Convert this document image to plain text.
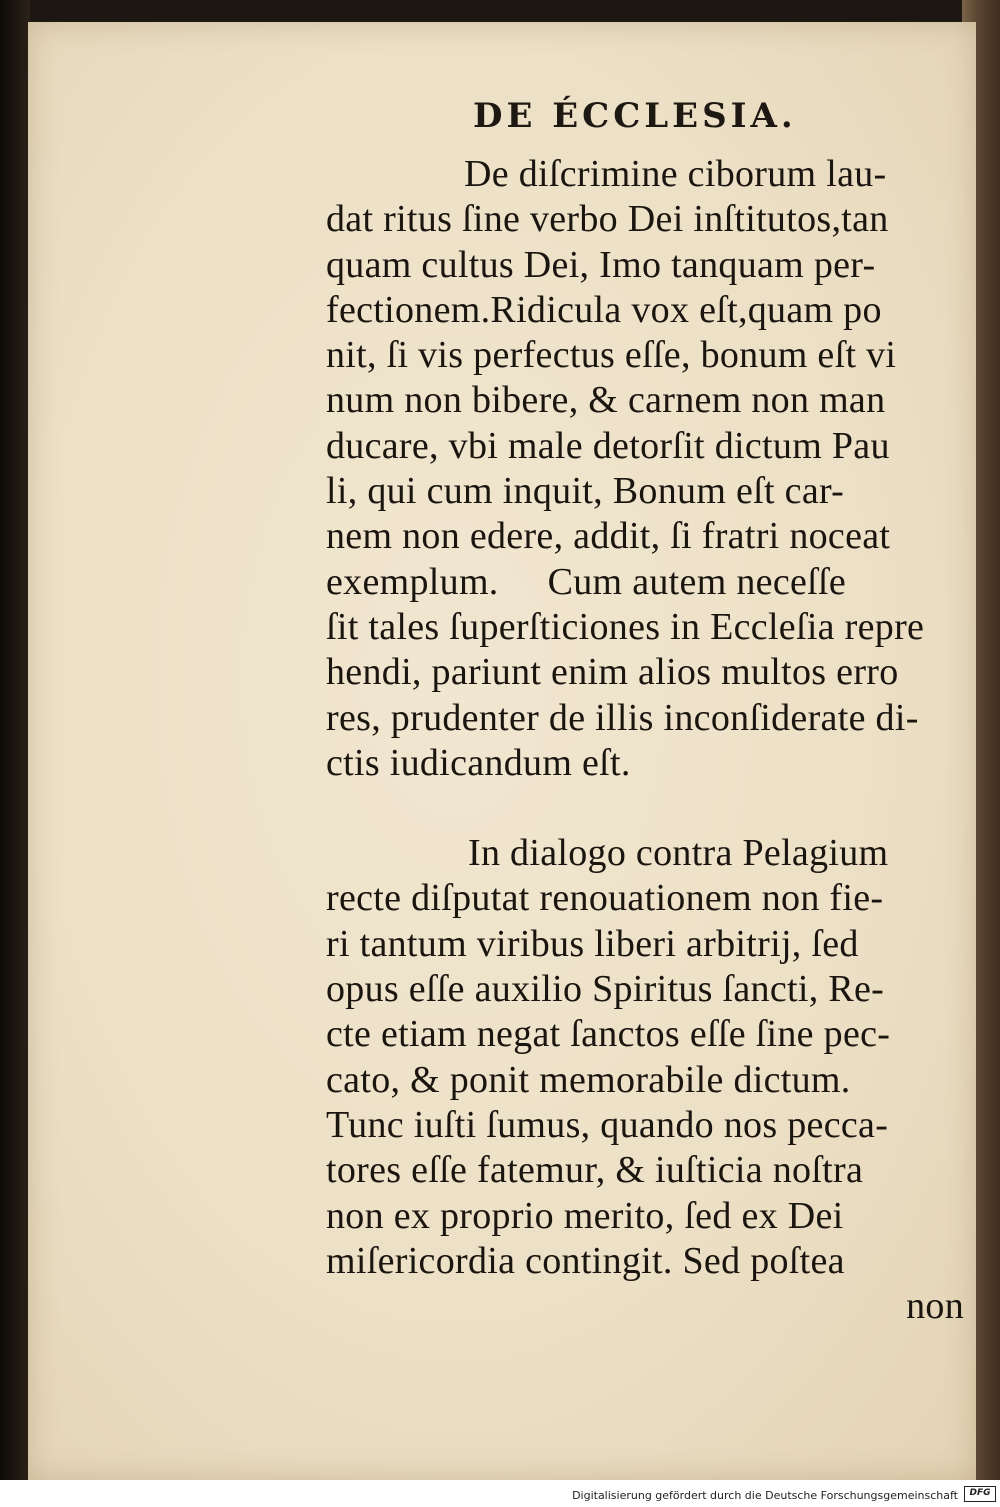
DE ÉCCLESIA.
De diſcrimine ciborum lau-
dat ritus ſine verbo Dei inſtitutos,tan
quam cultus Dei, Imo tanquam per-
fectionem.Ridicula vox eſt,quam po
nit, ſi vis perfectus eſſe, bonum eſt vi
num non bibere, & carnem non man
ducare, vbi male detorſit dictum Pau
li, qui cum inquit, Bonum eſt car-
nem non edere, addit, ſi fratri noceat
exemplum.     Cum autem neceſſe
ſit tales ſuperſticiones in Eccleſia repre
hendi, pariunt enim alios multos erro
res, prudenter de illis inconſiderate di-
ctis iudicandum eſt.
In dialogo contra Pelagium
recte diſputat renouationem non fie-
ri tantum viribus liberi arbitrij, ſed
opus eſſe auxilio Spiritus ſancti, Re-
cte etiam negat ſanctos eſſe ſine pec-
cato, & ponit memorabile dictum.
Tunc iuſti ſumus, quando nos pecca-
tores eſſe fatemur, & iuſticia noſtra
non ex proprio merito, ſed ex Dei
miſericordia contingit. Sed poſtea
non
Digitalisierung gefördert durch die Deutsche Forschungsgemeinschaft	DFG
